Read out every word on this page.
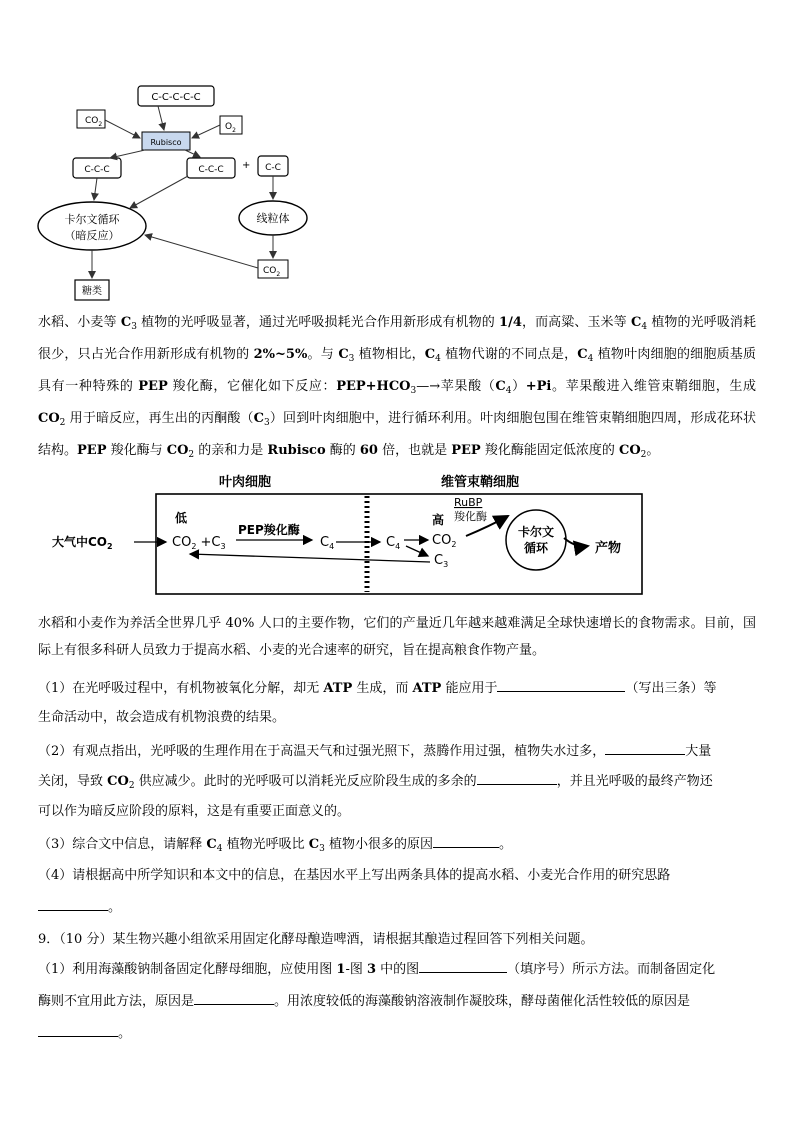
C-C-C-C-C
$CO_2$	$O_2$
Rubisco
C-C-C	C-C-C + C-C
卡尔文循环
（暗反应）
线粒体
$CO_2$
糖类
水稻、小麦等 $C_3$ 植物的光呼吸显著，通过光呼吸损耗光合作用新形成有机物的 1/4，而高粱、玉米等 $C_4$ 植物的光呼吸消耗很少，只占光合作用新形成有机物的 2%~5%。与 $C_3$ 植物相比，$C_4$ 植物代谢的不同点是，$C_4$ 植物叶肉细胞的细胞质基质具有一种特殊的 PEP 羧化酶，它催化如下反应：$PEP+HCO_3—\to$苹果酸$(C_4)+Pi$。苹果酸进入维管束鞘细胞，生成 $CO_2$ 用于暗反应，再生出的丙酮酸$(C_3)$回到叶肉细胞中，进行循环利用。叶肉细胞包围在维管束鞘细胞四周，形成花环状结构。PEP 羧化酶与 $CO_2$ 的亲和力是 Rubisco 酶的 60 倍，也就是 PEP 羧化酶能固定低浓度的 $CO_2$。
叶肉细胞	维管束鞘细胞
大气中$CO_2$
低
$CO_2 +C_3$
PEP羧化酶
$C_4$	$C_4$
高
$CO_2$
$C_3$
RuBP
羧化酶
卡尔文
循环	产物
水稻和小麦作为养活全世界几乎 40% 人口的主要作物，它们的产量近几年越来越难满足全球快速增长的食物需求。目前，国际上有很多科研人员致力于提高水稻、小麦的光合速率的研究，旨在提高粮食作物产量。
（1）在光呼吸过程中，有机物被氧化分解，却无 ATP 生成，而 ATP 能应用于	（写出三条）等
生命活动中，故会造成有机物浪费的结果。
（2）有观点指出，光呼吸的生理作用在于高温天气和过强光照下，蒸腾作用过强，植物失水过多，	大量
关闭，导致 $CO_2$ 供应减少。此时的光呼吸可以消耗光反应阶段生成的多余的	，并且光呼吸的最终产物还
可以作为暗反应阶段的原料，这是有重要正面意义的。
（3）综合文中信息，请解释 $C_4$ 植物光呼吸比 $C_3$ 植物小很多的原因	。
（4）请根据高中所学知识和本文中的信息，在基因水平上写出两条具体的提高水稻、小麦光合作用的研究思路
。
9．（10 分）某生物兴趣小组欲采用固定化酵母酿造啤酒，请根据其酿造过程回答下列相关问题。
（1）利用海藻酸钠制备固定化酵母细胞，应使用图 1-图 3 中的图	（填序号）所示方法。而制备固定化
酶则不宜用此方法，原因是	。用浓度较低的海藻酸钠溶液制作凝胶珠，酵母菌催化活性较低的原因是
。
